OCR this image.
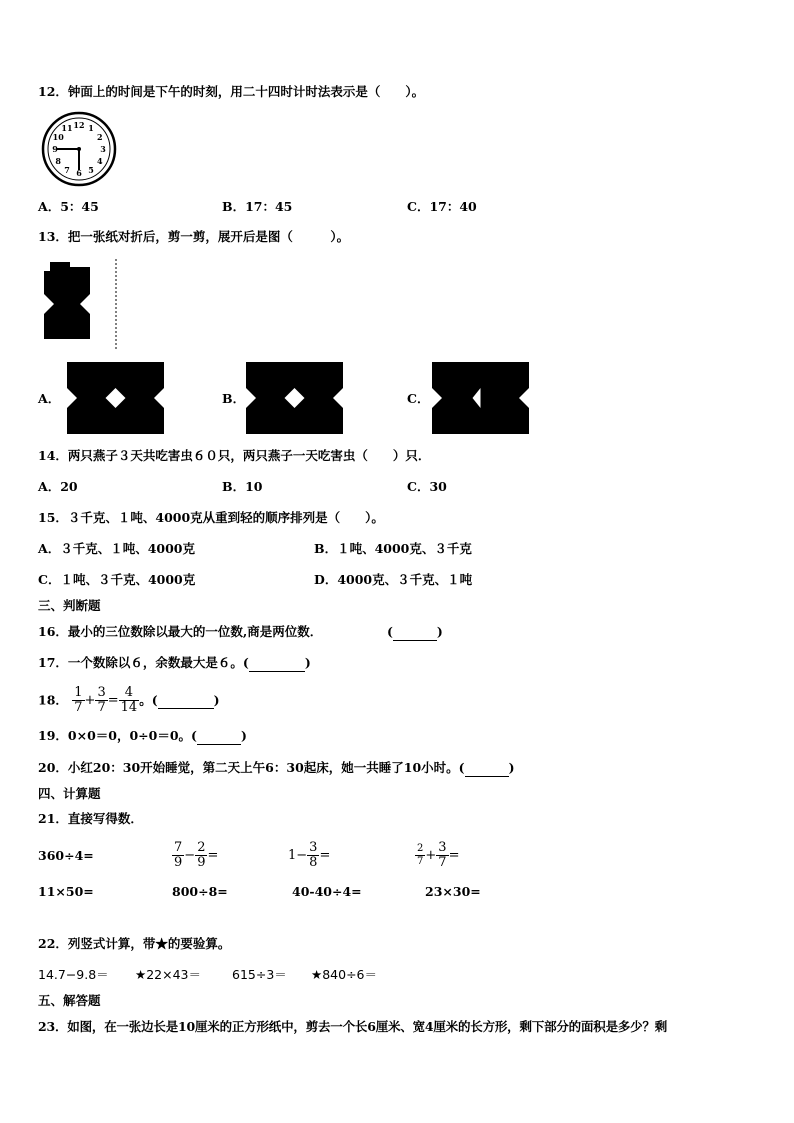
12．钟面上的时间是下午的时刻，用二十四时计时法表示是（　　）。
12 1
2
3
4
5
6
7
8
9
10
11
A．5：45	B．17：45	C．17：40
13．把一张纸对折后，剪一剪，展开后是图（　　　）。
A．	B．	C．
14．两只燕子３天共吃害虫６０只，两只燕子一天吃害虫（　　）只．
A．20	B．10	C．30
15．３千克、１吨、4000克从重到轻的顺序排列是（　　）。
A．３千克、１吨、4000克	B．１吨、4000克、３千克
C．１吨、３千克、4000克	D．4000克、３千克、１吨
三、判断题
16．最小的三位数除以最大的一位数,商是两位数．	(	)
17．一个数除以６，余数最大是６。(	)
18． $\frac{1}{7} + \frac{3}{7} = \frac{4}{14}$ 。(	)
19．0×0＝0，0÷0＝0。(	)
20．小红20：30开始睡觉，第二天上午6：30起床，她一共睡了10小时。(	)
四、计算题
21．直接写得数．
360÷4=	$\frac{7}{9} - \frac{2}{9}$ =	$1- \frac{3}{8}$ =	$\frac{2}{7} + \frac{3}{7}$ =
11×50=	800÷8=	40-40÷4=	23×30=
22．列竖式计算，带★的要验算。
14.7−9.8＝ ★22×43＝ 615÷3＝ ★840÷6＝
五、解答题
23．如图，在一张边长是10厘米的正方形纸中，剪去一个长6厘米、宽4厘米的长方形，剩下部分的面积是多少？剩
